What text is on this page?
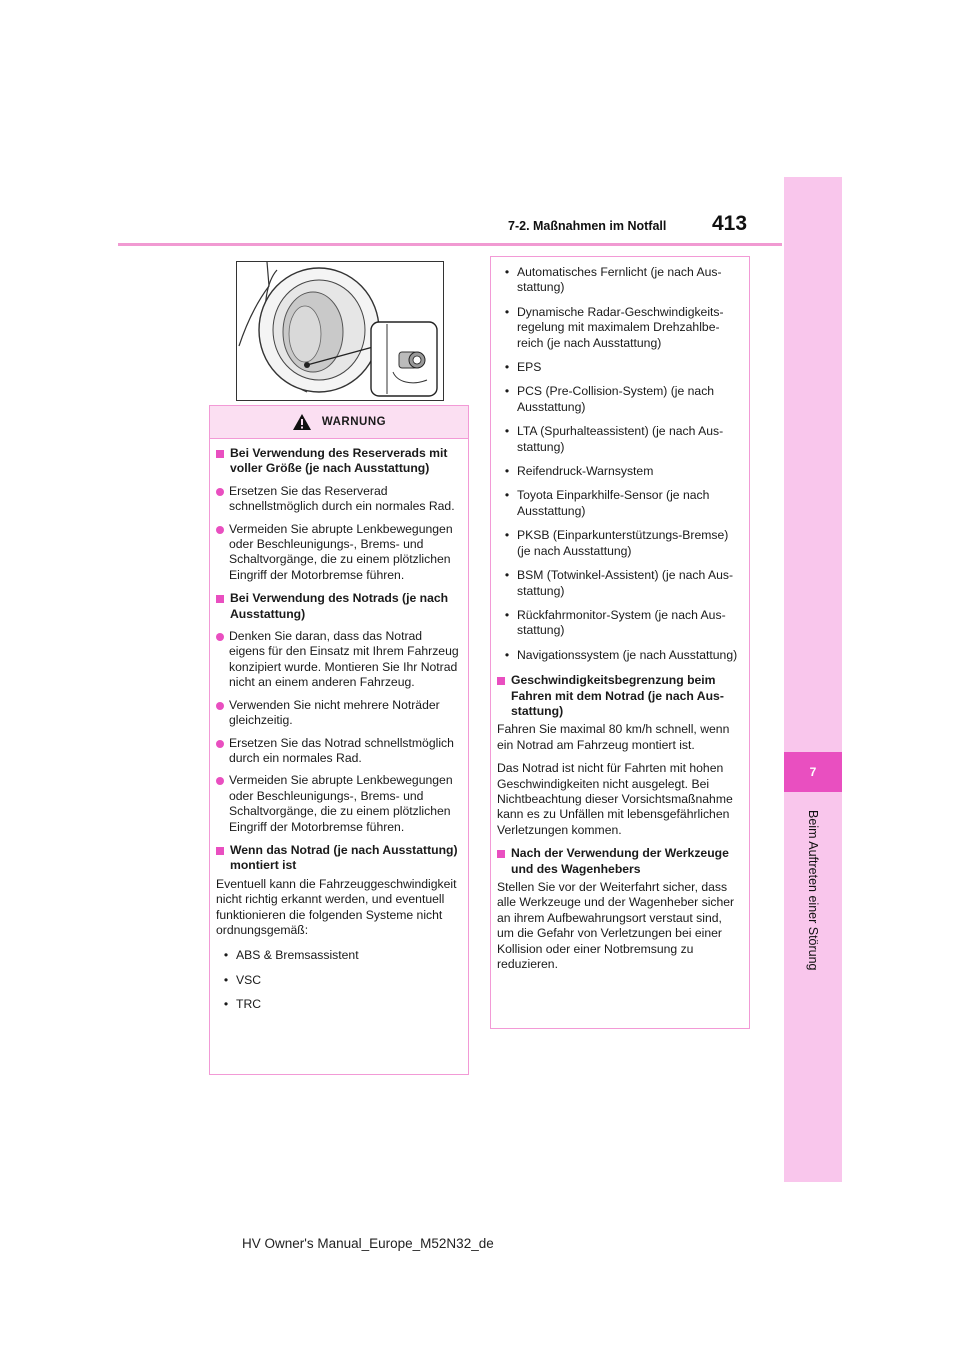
7-2. Maßnahmen im Notfall 413
7
Beim Auftreten einer Störung
WARNUNG
Bei Verwendung des Reserverads mit voller Größe (je nach Ausstattung)
Ersetzen Sie das Reserverad schnellstmöglich durch ein normales Rad.
Vermeiden Sie abrupte Lenkbewegungen oder Beschleunigungs-, Brems- und Schaltvorgänge, die zu einem plötzlichen Eingriff der Motorbremse führen.
Bei Verwendung des Notrads (je nach Ausstattung)
Denken Sie daran, dass das Notrad eigens für den Einsatz mit Ihrem Fahrzeug konzipiert wurde. Montieren Sie Ihr Notrad nicht an einem anderen Fahrzeug.
Verwenden Sie nicht mehrere Noträder gleichzeitig.
Ersetzen Sie das Notrad schnellstmöglich durch ein normales Rad.
Vermeiden Sie abrupte Lenkbewegungen oder Beschleunigungs-, Brems- und Schaltvorgänge, die zu einem plötzlichen Eingriff der Motorbremse führen.
Wenn das Notrad (je nach Ausstattung) montiert ist
Eventuell kann die Fahrzeuggeschwindigkeit nicht richtig erkannt werden, und eventuell funktionieren die folgenden Systeme nicht ordnungsgemäß:
• ABS & Bremsassistent
• VSC
• TRC
• Automatisches Fernlicht (je nach Ausstattung)
• Dynamische Radar-Geschwindigkeitsregelung mit maximalem Drehzahlbereich (je nach Ausstattung)
• EPS
• PCS (Pre-Collision-System) (je nach Ausstattung)
• LTA (Spurhalteassistent) (je nach Ausstattung)
• Reifendruck-Warnsystem
• Toyota Einparkhilfe-Sensor (je nach Ausstattung)
• PKSB (Einparkunterstützungs-Bremse) (je nach Ausstattung)
• BSM (Totwinkel-Assistent) (je nach Ausstattung)
• Rückfahrmonitor-System (je nach Ausstattung)
• Navigationssystem (je nach Ausstattung)
Geschwindigkeitsbegrenzung beim Fahren mit dem Notrad (je nach Ausstattung)
Fahren Sie maximal 80 km/h schnell, wenn ein Notrad am Fahrzeug montiert ist.
Das Notrad ist nicht für Fahrten mit hohen Geschwindigkeiten nicht ausgelegt. Bei Nichtbeachtung dieser Vorsichtsmaßnahme kann es zu Unfällen mit lebensgefährlichen Verletzungen kommen.
Nach der Verwendung der Werkzeuge und des Wagenhebers
Stellen Sie vor der Weiterfahrt sicher, dass alle Werkzeuge und der Wagenheber sicher an ihrem Aufbewahrungsort verstaut sind, um die Gefahr von Verletzungen bei einer Kollision oder einer Notbremsung zu reduzieren.
HV Owner's Manual_Europe_M52N32_de
